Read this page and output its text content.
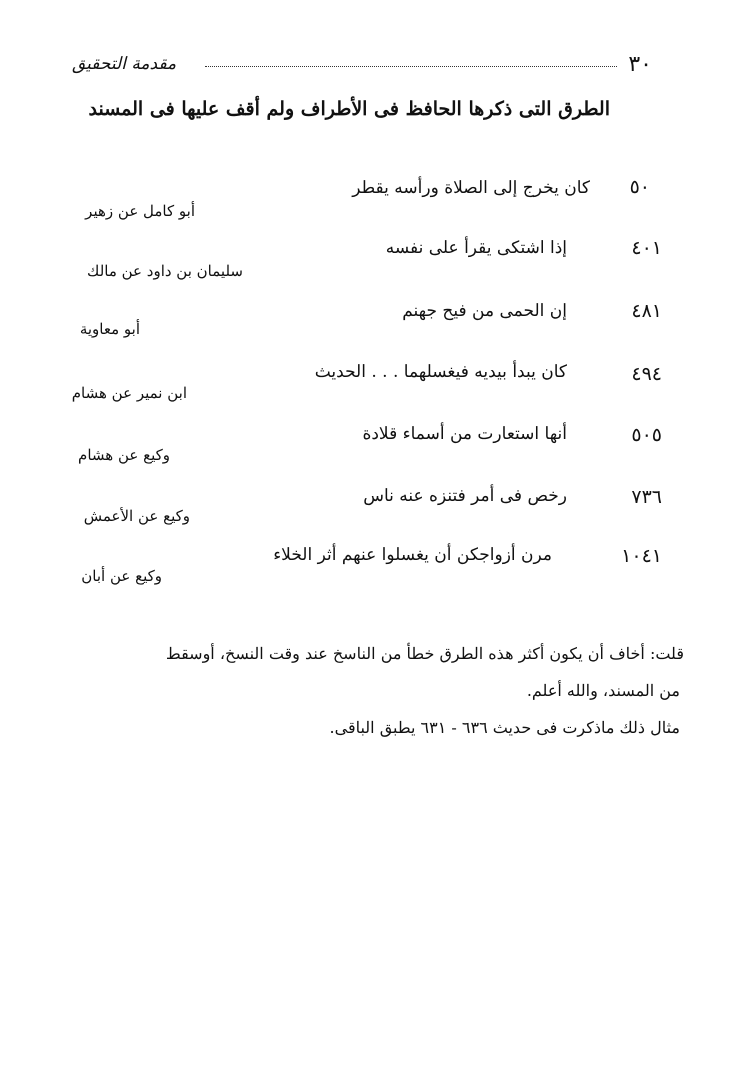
٣٠
مقدمة التحقيق
الطرق التى ذكرها الحافظ فى الأطراف ولم أقف عليها فى المسند
٥٠
كان يخرج إلى الصلاة ورأسه يقطر
أبو كامل عن زهير
٤٠١
إذا اشتكى يقرأ على نفسه
سليمان بن داود عن مالك
٤٨١
إن الحمى من فيح جهنم
أبو معاوية
٤٩٤
كان يبدأ بيديه فيغسلهما . . . الحديث
ابن نمير عن هشام
٥٠٥
أنها استعارت من أسماء قلادة
وكيع عن هشام
٧٣٦
رخص فى أمر فتنزه عنه ناس
وكيع عن الأعمش
١٠٤١
مرن أزواجكن أن يغسلوا عنهم أثر الخلاء
وكيع عن أبان
قلت: أخاف أن يكون أكثر هذه الطرق خطأ من الناسخ عند وقت النسخ، أوسقط
من المسند، والله أعلم.
مثال ذلك ماذكرت فى حديث ٦٣٦ - ٦٣١ يطبق الباقى.
